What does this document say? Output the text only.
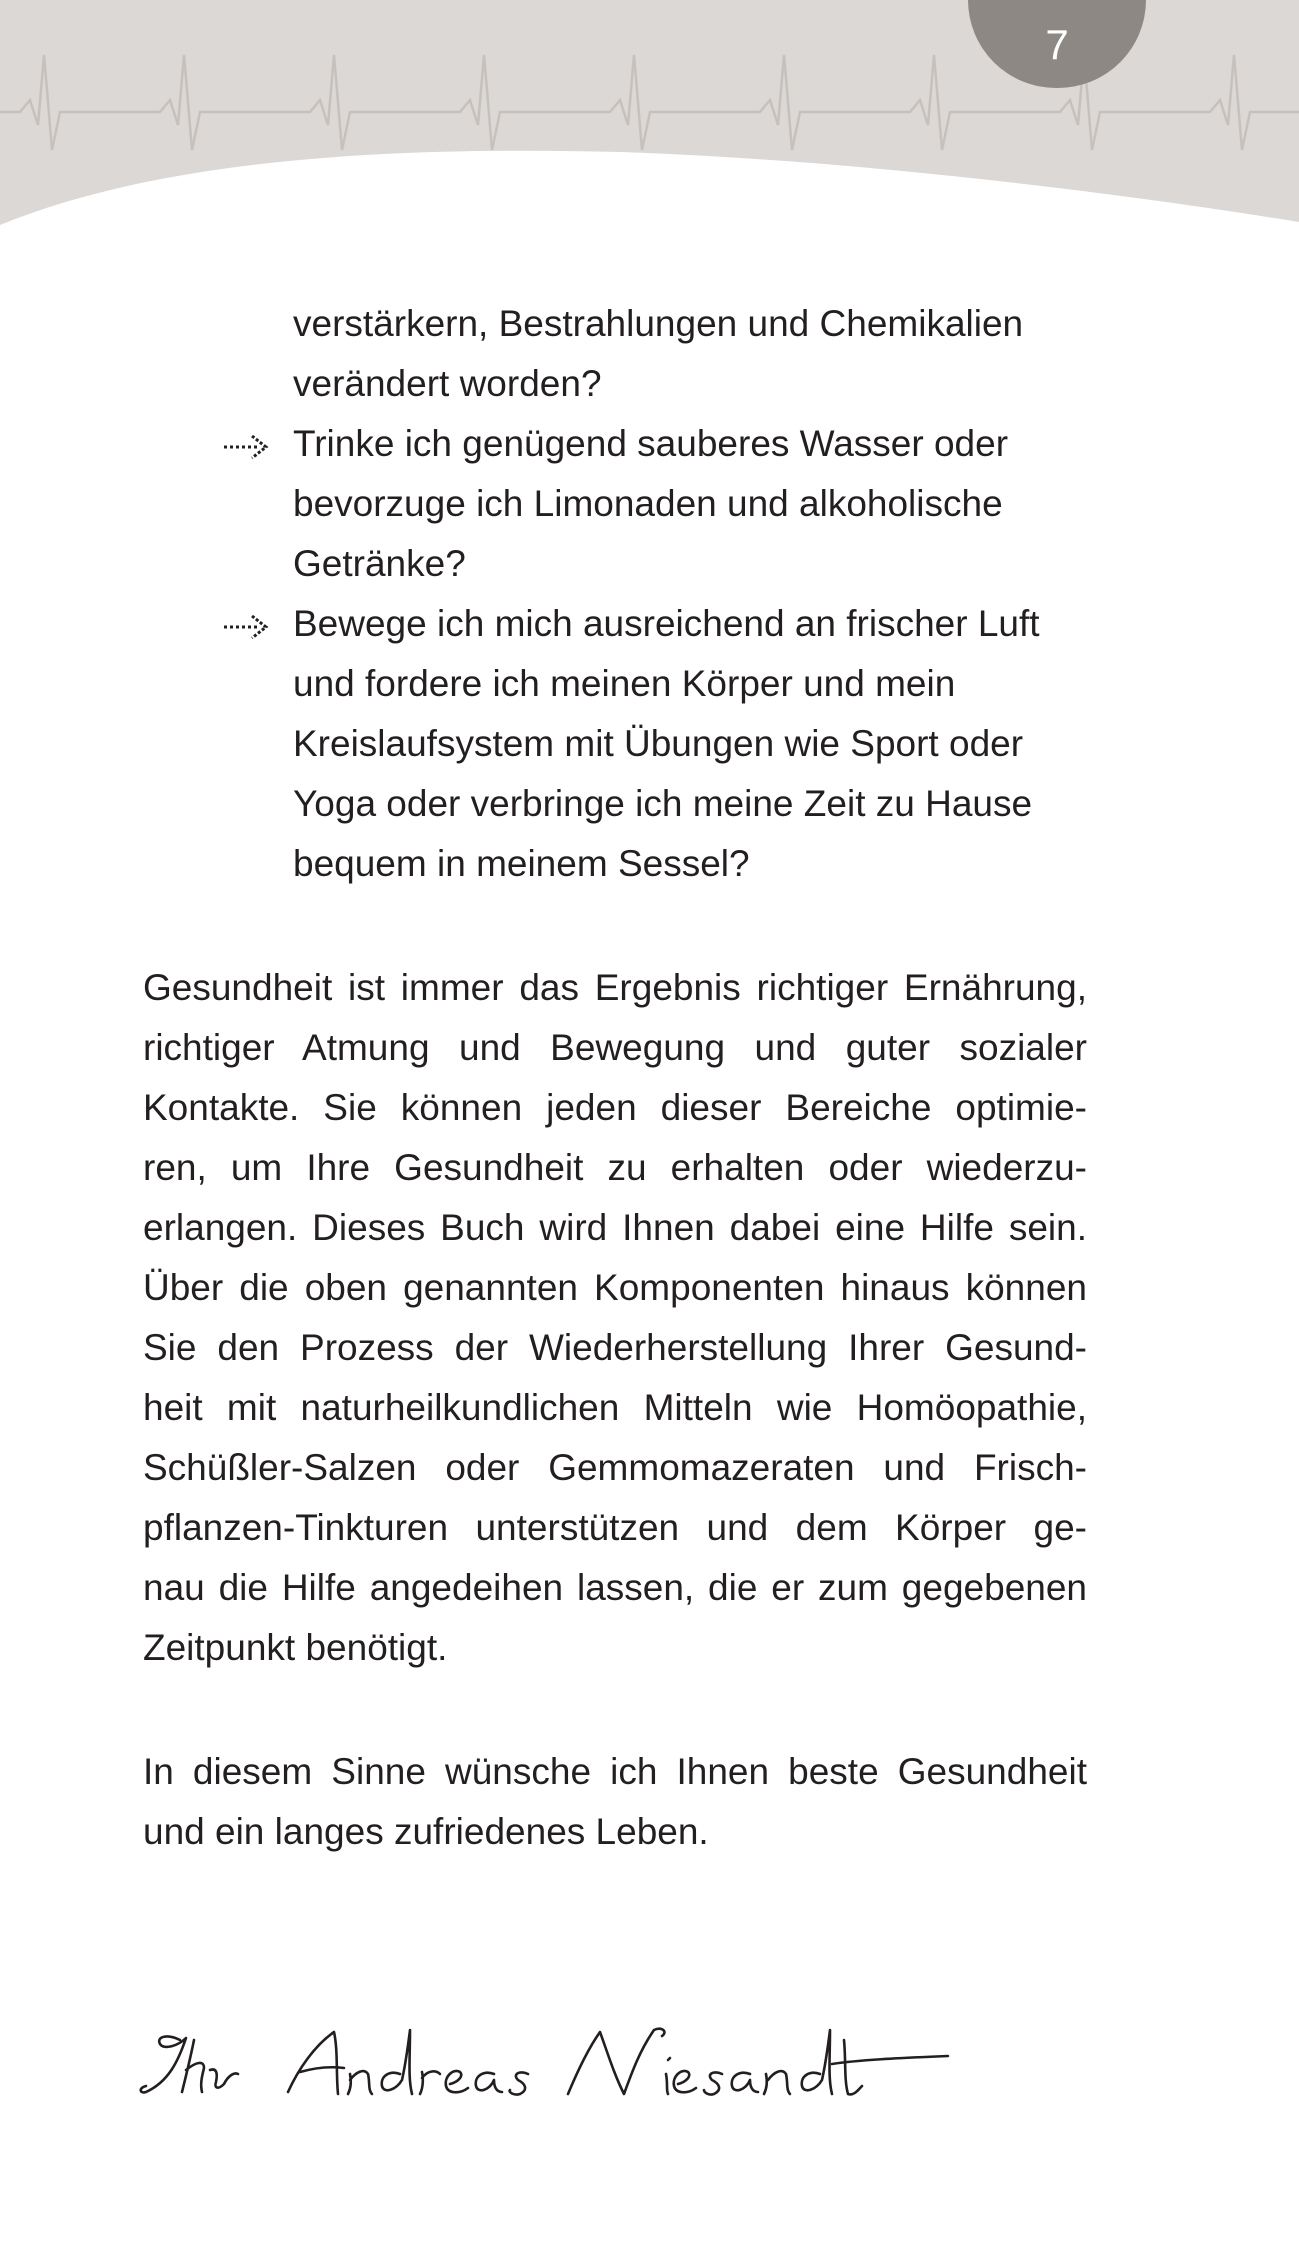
7
verstärkern, Bestrahlungen und Chemikalien
verändert worden?
Trinke ich genügend sauberes Wasser oder
bevorzuge ich Limonaden und alkoholische
Getränke?
Bewege ich mich ausreichend an frischer Luft
und fordere ich meinen Körper und mein
Kreislaufsystem mit Übungen wie Sport oder
Yoga oder verbringe ich meine Zeit zu Hause
bequem in meinem Sessel?
Gesundheit ist immer das Ergebnis richtiger Ernährung,
richtiger Atmung und Bewegung und guter sozialer
Kontakte. Sie können jeden dieser Bereiche optimie-
ren, um Ihre Gesundheit zu erhalten oder wiederzu-
erlangen. Dieses Buch wird Ihnen dabei eine Hilfe sein.
Über die oben genannten Komponenten hinaus können
Sie den Prozess der Wiederherstellung Ihrer Gesund-
heit mit naturheilkundlichen Mitteln wie Homöopathie,
Schüßler-Salzen oder Gemmomazeraten und Frisch-
pflanzen-Tinkturen unterstützen und dem Körper ge-
nau die Hilfe angedeihen lassen, die er zum gegebenen
Zeitpunkt benötigt.
In diesem Sinne wünsche ich Ihnen beste Gesundheit
und ein langes zufriedenes Leben.
